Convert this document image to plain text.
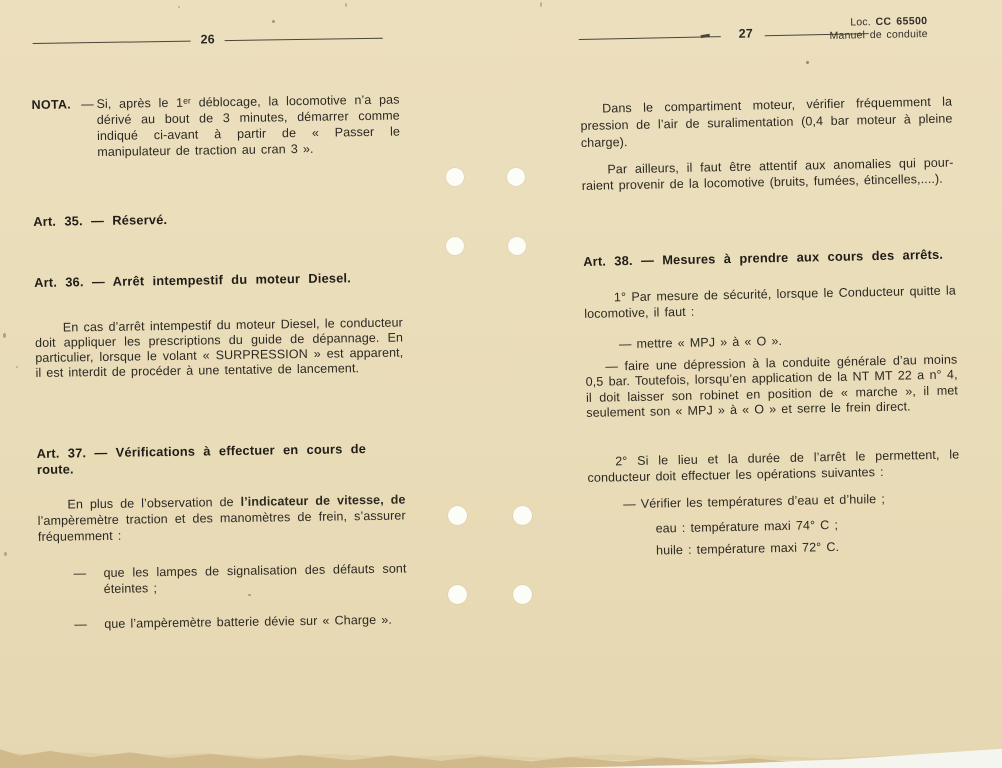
26
NOTA. — Si, après le 1ᵉʳ déblocage, la locomotive n’a pas dérivé au bout de 3 minutes, démarrer comme indiqué ci-avant à partir de « Passer le manipulateur de traction au cran 3 ».
Art. 35. — Réservé.
Art. 36. — Arrêt intempestif du moteur Diesel.
En cas d’arrêt intempestif du moteur Diesel, le conducteur doit appliquer les prescriptions du guide de dépannage. En particulier, lorsque le volant « SURPRESSION » est apparent, il est interdit de procéder à une tentative de lancement.
Art. 37. — Vérifications à effectuer en cours de route.
En plus de l’observation de l’indicateur de vitesse, de l’ampèremètre traction et des manomètres de frein, s’assurer fréquemment :
— que les lampes de signalisation des défauts sont éteintes ;
— que l’ampèremètre batterie dévie sur « Charge ».
27
Loc. CC 65500
Manuel de conduite
Dans le compartiment moteur, vérifier fréquemment la pression de l’air de suralimentation (0,4 bar moteur à pleine charge).
Par ailleurs, il faut être attentif aux anomalies qui pourraient provenir de la locomotive (bruits, fumées, étincelles,....).
Art. 38. — Mesures à prendre aux cours des arrêts.
1° Par mesure de sécurité, lorsque le Conducteur quitte la locomotive, il faut :
— mettre « MPJ » à « O ».
— faire une dépression à la conduite générale d’au moins 0,5 bar. Toutefois, lorsqu’en application de la NT MT 22 a n° 4, il doit laisser son robinet en position de « marche », il met seulement son « MPJ » à « O » et serre le frein direct.
2° Si le lieu et la durée de l’arrêt le permettent, le conducteur doit effectuer les opérations suivantes :
— Vérifier les températures d’eau et d’huile ;
eau : température maxi 74° C ;
huile : température maxi 72° C.
